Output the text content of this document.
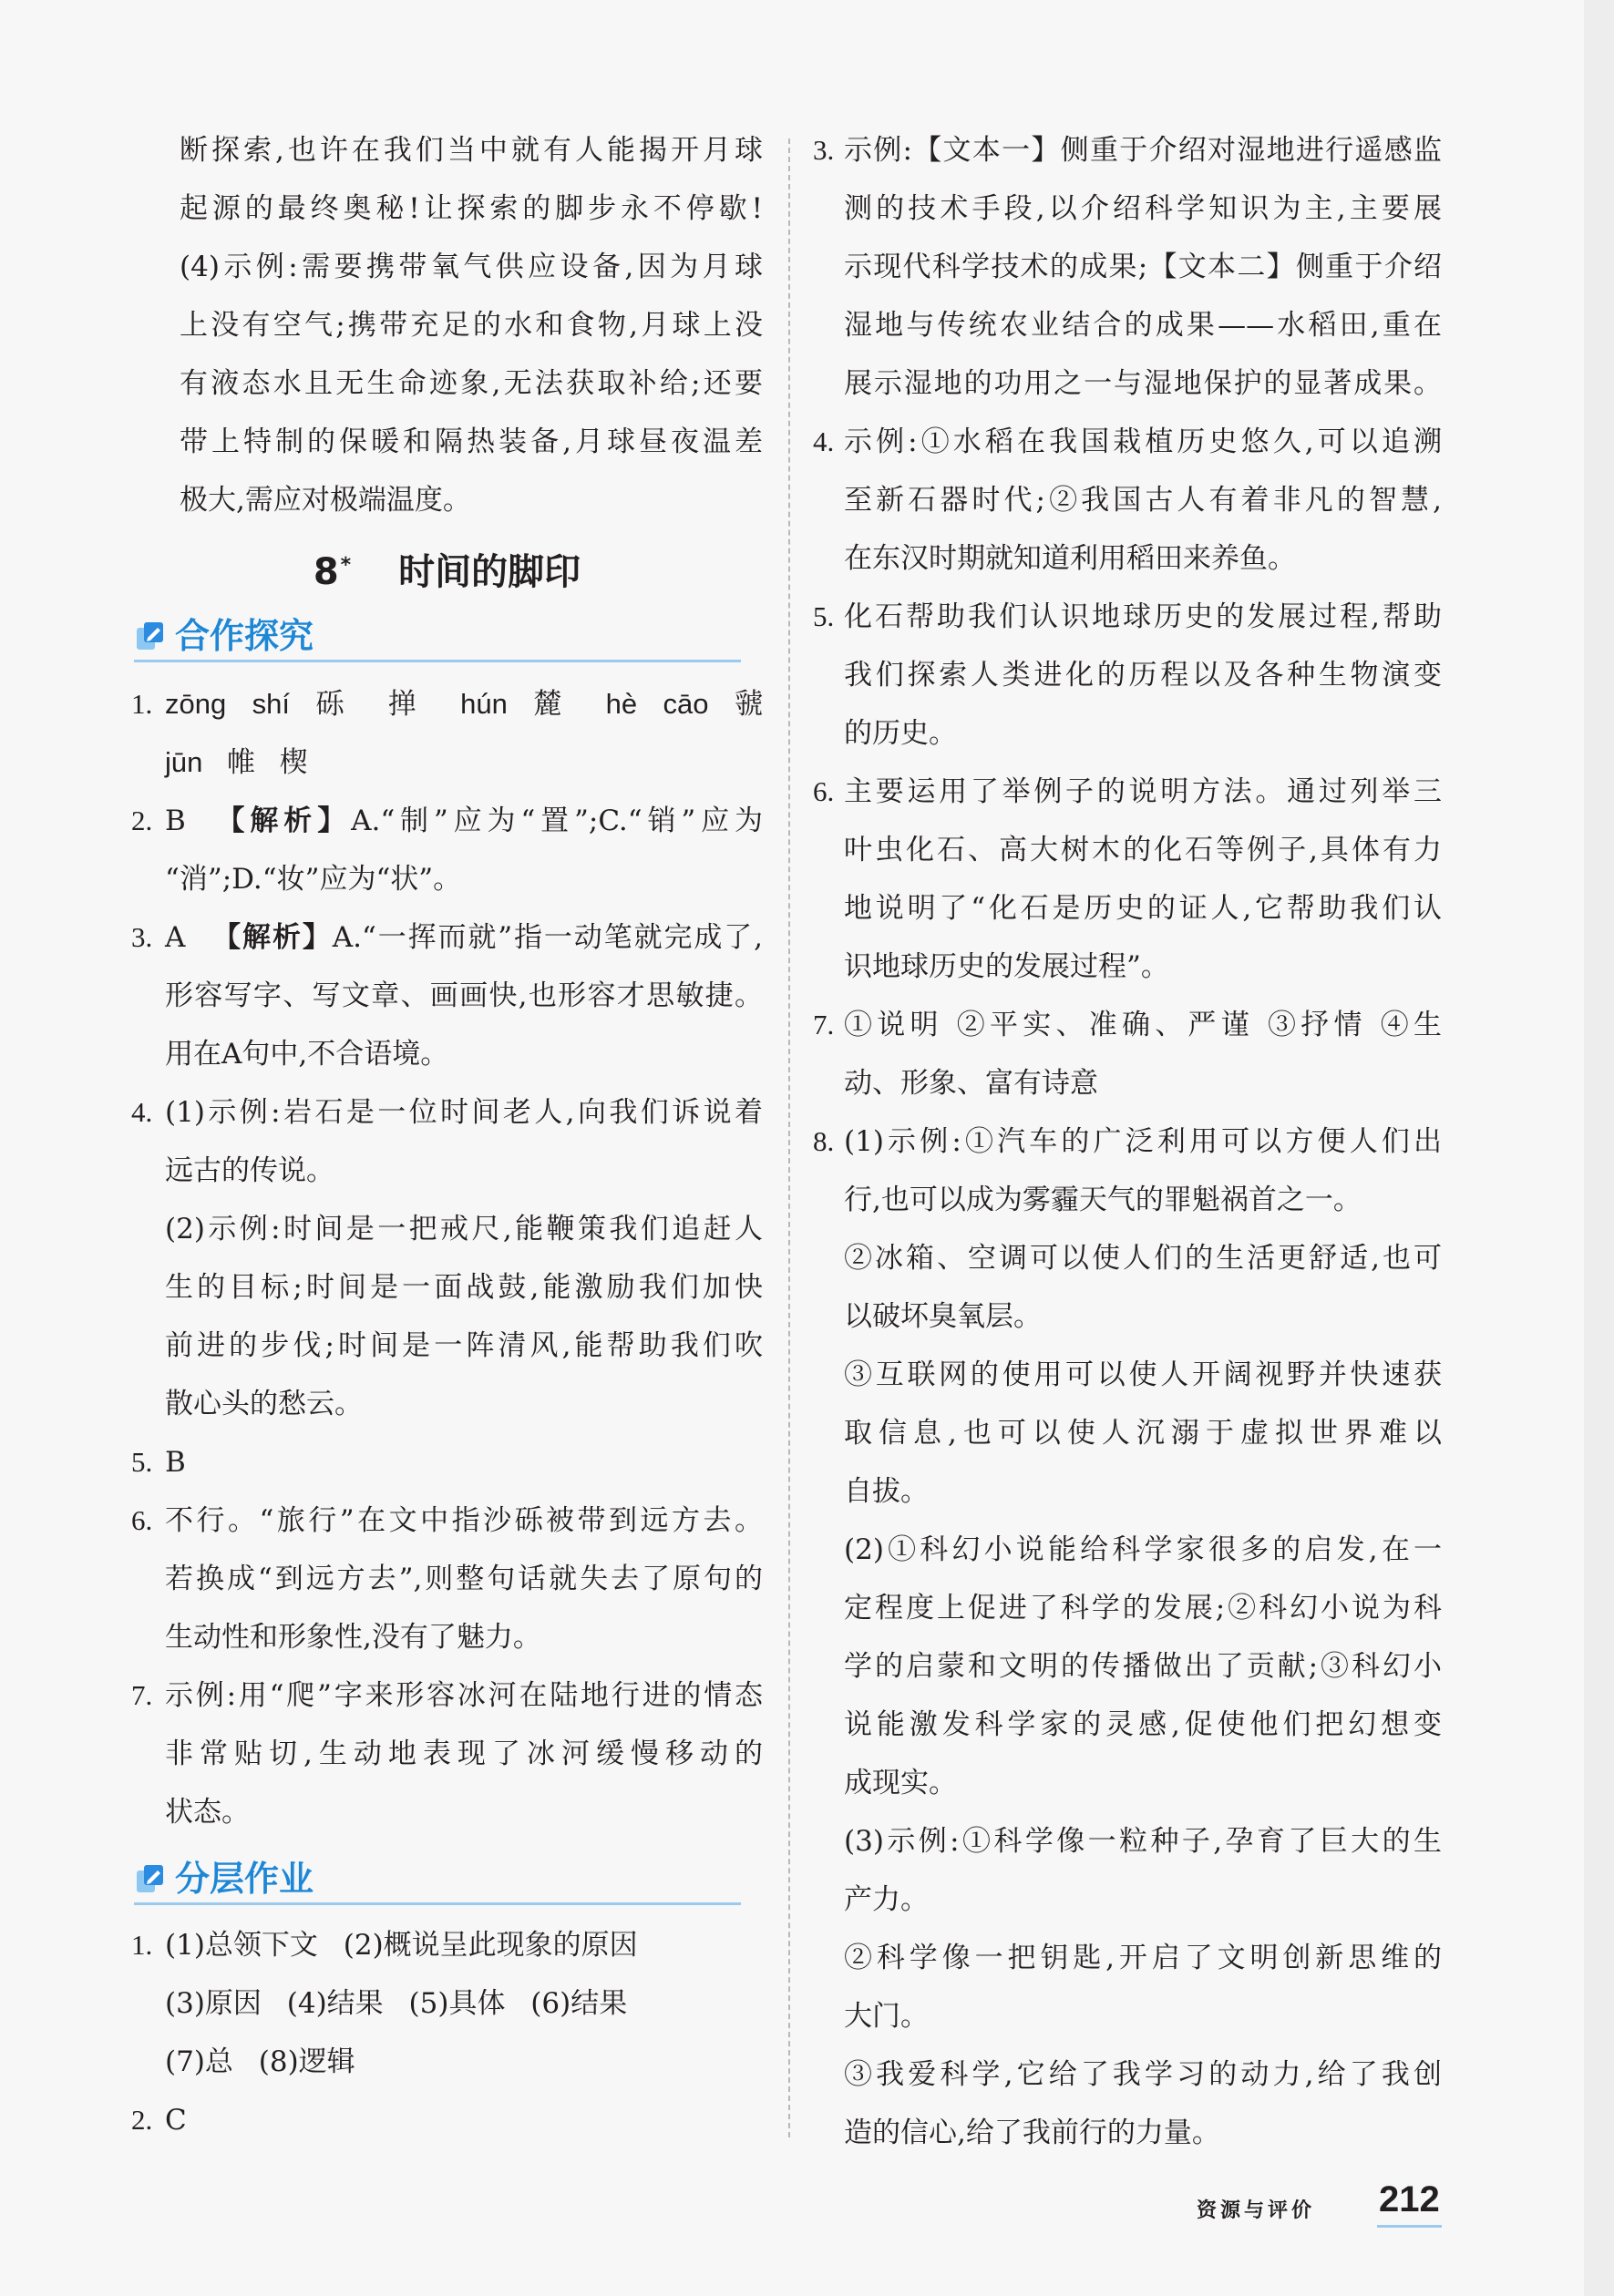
断探索,也许在我们当中就有人能揭开月球
起源的最终奥秘!让探索的脚步永不停歇!
(4)示例:需要携带氧气供应设备,因为月球
上没有空气;携带充足的水和食物,月球上没
有液态水且无生命迹象,无法获取补给;还要
带上特制的保暖和隔热装备,月球昼夜温差
极大,需应对极端温度。
8* 时间的脚印
合作探究
1. zōng shí 砾 掸 hún 麓 hè cāo 虢
jūn 帷 楔
2. B 【解析】A.“制”应为“置”;C.“销”应为
“消”;D.“妆”应为“状”。
3. A 【解析】A.“一挥而就”指一动笔就完成了,
形容写字、写文章、画画快,也形容才思敏捷。
用在A句中,不合语境。
4. (1)示例:岩石是一位时间老人,向我们诉说着
远古的传说。
(2)示例:时间是一把戒尺,能鞭策我们追赶人
生的目标;时间是一面战鼓,能激励我们加快
前进的步伐;时间是一阵清风,能帮助我们吹
散心头的愁云。
5. B
6. 不行。“旅行”在文中指沙砾被带到远方去。
若换成“到远方去”,则整句话就失去了原句的
生动性和形象性,没有了魅力。
7. 示例:用“爬”字来形容冰河在陆地行进的情态
非常贴切,生动地表现了冰河缓慢移动的
状态。
分层作业
1. (1)总领下文 (2)概说呈此现象的原因
(3)原因 (4)结果 (5)具体 (6)结果
(7)总 (8)逻辑
2. C
3. 示例:【文本一】侧重于介绍对湿地进行遥感监
测的技术手段,以介绍科学知识为主,主要展
示现代科学技术的成果;【文本二】侧重于介绍
湿地与传统农业结合的成果——水稻田,重在
展示湿地的功用之一与湿地保护的显著成果。
4. 示例:①水稻在我国栽植历史悠久,可以追溯
至新石器时代;②我国古人有着非凡的智慧,
在东汉时期就知道利用稻田来养鱼。
5. 化石帮助我们认识地球历史的发展过程,帮助
我们探索人类进化的历程以及各种生物演变
的历史。
6. 主要运用了举例子的说明方法。通过列举三
叶虫化石、高大树木的化石等例子,具体有力
地说明了“化石是历史的证人,它帮助我们认
识地球历史的发展过程”。
7. ①说明 ②平实、准确、严谨 ③抒情 ④生
动、形象、富有诗意
8. (1)示例:①汽车的广泛利用可以方便人们出
行,也可以成为雾霾天气的罪魁祸首之一。
②冰箱、空调可以使人们的生活更舒适,也可
以破坏臭氧层。
③互联网的使用可以使人开阔视野并快速获
取信息,也可以使人沉溺于虚拟世界难以
自拔。
(2)①科幻小说能给科学家很多的启发,在一
定程度上促进了科学的发展;②科幻小说为科
学的启蒙和文明的传播做出了贡献;③科幻小
说能激发科学家的灵感,促使他们把幻想变
成现实。
(3)示例:①科学像一粒种子,孕育了巨大的生
产力。
②科学像一把钥匙,开启了文明创新思维的
大门。
③我爱科学,它给了我学习的动力,给了我创
造的信心,给了我前行的力量。
资源与评价 212
